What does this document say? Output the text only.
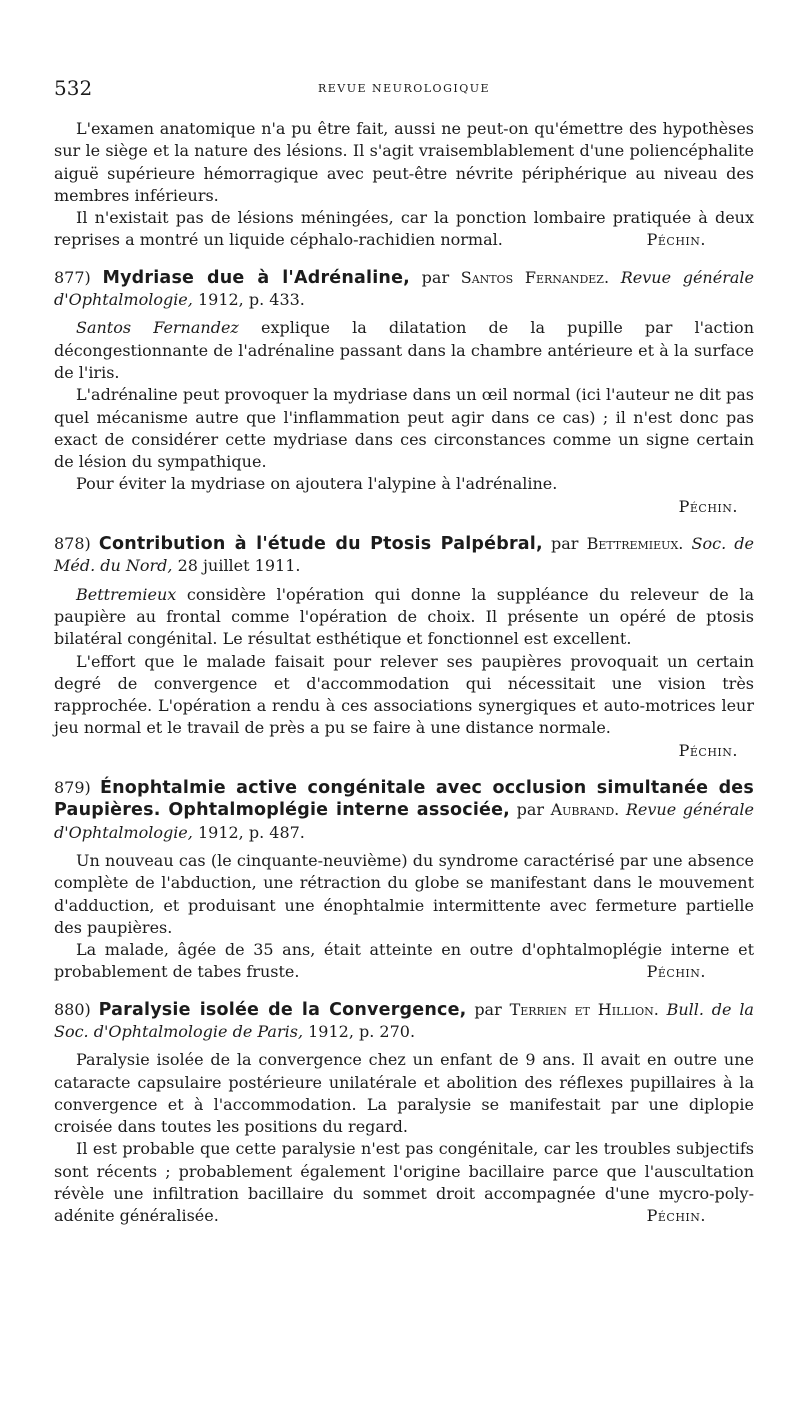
532	REVUE NEUROLOGIQUE

L'examen anatomique n'a pu être fait, aussi ne peut-on qu'émettre des hypothèses sur le siège et la nature des lésions. Il s'agit vraisemblablement d'une poliencéphalite aiguë supérieure hémorragique avec peut-être névrite périphérique au niveau des membres inférieurs.

Il n'existait pas de lésions méningées, car la ponction lombaire pratiquée à deux reprises a montré un liquide céphalo-rachidien normal.	Péchin.

877) Mydriase due à l'Adrénaline, par Santos Fernandez. Revue générale d'Ophtalmologie, 1912, p. 433.

Santos Fernandez explique la dilatation de la pupille par l'action décongestionnante de l'adrénaline passant dans la chambre antérieure et à la surface de l'iris.

L'adrénaline peut provoquer la mydriase dans un œil normal (ici l'auteur ne dit pas quel mécanisme autre que l'inflammation peut agir dans ce cas) ; il n'est donc pas exact de considérer cette mydriase dans ces circonstances comme un signe certain de lésion du sympathique.

Pour éviter la mydriase on ajoutera l'alypine à l'adrénaline.

Péchin.

878) Contribution à l'étude du Ptosis Palpébral, par Bettremieux. Soc. de Méd. du Nord, 28 juillet 1911.

Bettremieux considère l'opération qui donne la suppléance du releveur de la paupière au frontal comme l'opération de choix. Il présente un opéré de ptosis bilatéral congénital. Le résultat esthétique et fonctionnel est excellent.

L'effort que le malade faisait pour relever ses paupières provoquait un certain degré de convergence et d'accommodation qui nécessitait une vision très rapprochée. L'opération a rendu à ces associations synergiques et auto-motrices leur jeu normal et le travail de près a pu se faire à une distance normale.

Péchin.

879) Énophtalmie active congénitale avec occlusion simultanée des Paupières. Ophtalmoplégie interne associée, par Aubrand. Revue générale d'Ophtalmologie, 1912, p. 487.

Un nouveau cas (le cinquante-neuvième) du syndrome caractérisé par une absence complète de l'abduction, une rétraction du globe se manifestant dans le mouvement d'adduction, et produisant une énophtalmie intermittente avec fermeture partielle des paupières.

La malade, âgée de 35 ans, était atteinte en outre d'ophtalmoplégie interne et probablement de tabes fruste.	Péchin.

880) Paralysie isolée de la Convergence, par Terrien et Hillion. Bull. de la Soc. d'Ophtalmologie de Paris, 1912, p. 270.

Paralysie isolée de la convergence chez un enfant de 9 ans. Il avait en outre une cataracte capsulaire postérieure unilatérale et abolition des réflexes pupillaires à la convergence et à l'accommodation. La paralysie se manifestait par une diplopie croisée dans toutes les positions du regard.

Il est probable que cette paralysie n'est pas congénitale, car les troubles subjectifs sont récents ; probablement également l'origine bacillaire parce que l'auscultation révèle une infiltration bacillaire du sommet droit accompagnée d'une mycro-poly-adénite généralisée.	Péchin.
